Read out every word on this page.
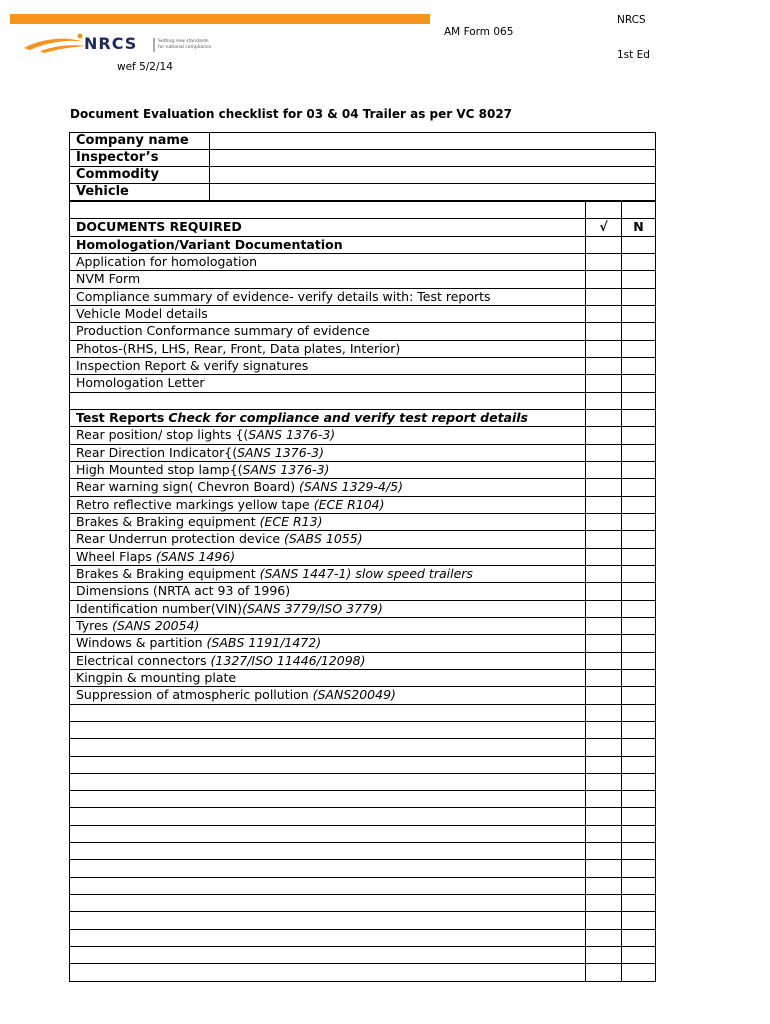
NRCS	Setting new standards
for national compliance
NRCS
AM Form 065
1st Ed
wef 5/2/14
Document Evaluation checklist for 03 & 04 Trailer as per VC 8027
Company name	
Inspector’s	
Commodity	
Vehicle	

DOCUMENTS REQUIRED	√	N
Homologation/Variant Documentation		
Application for homologation		
NVM Form		
Compliance summary of evidence- verify details with: Test reports		
Vehicle Model details		
Production Conformance summary of evidence		
Photos-(RHS, LHS, Rear, Front, Data plates, Interior)		
Inspection Report & verify signatures		
Homologation Letter		

Test Reports Check for compliance and verify test report details		
Rear position/ stop lights {(SANS 1376-3)		
Rear Direction Indicator{(SANS 1376-3)		
High Mounted stop lamp{(SANS 1376-3)		
Rear warning sign( Chevron Board) (SANS 1329-4/5)		
Retro reflective markings yellow tape (ECE R104)		
Brakes & Braking equipment (ECE R13)		
Rear Underrun protection device (SABS 1055)		
Wheel Flaps (SANS 1496)		
Brakes & Braking equipment (SANS 1447-1) slow speed trailers		
Dimensions (NRTA act 93 of 1996)		
Identification number(VIN)(SANS 3779/ISO 3779)		
Tyres (SANS 20054)		
Windows & partition (SABS 1191/1472)		
Electrical connectors (1327/ISO 11446/12098)		
Kingpin & mounting plate		
Suppression of atmospheric pollution (SANS20049)		
